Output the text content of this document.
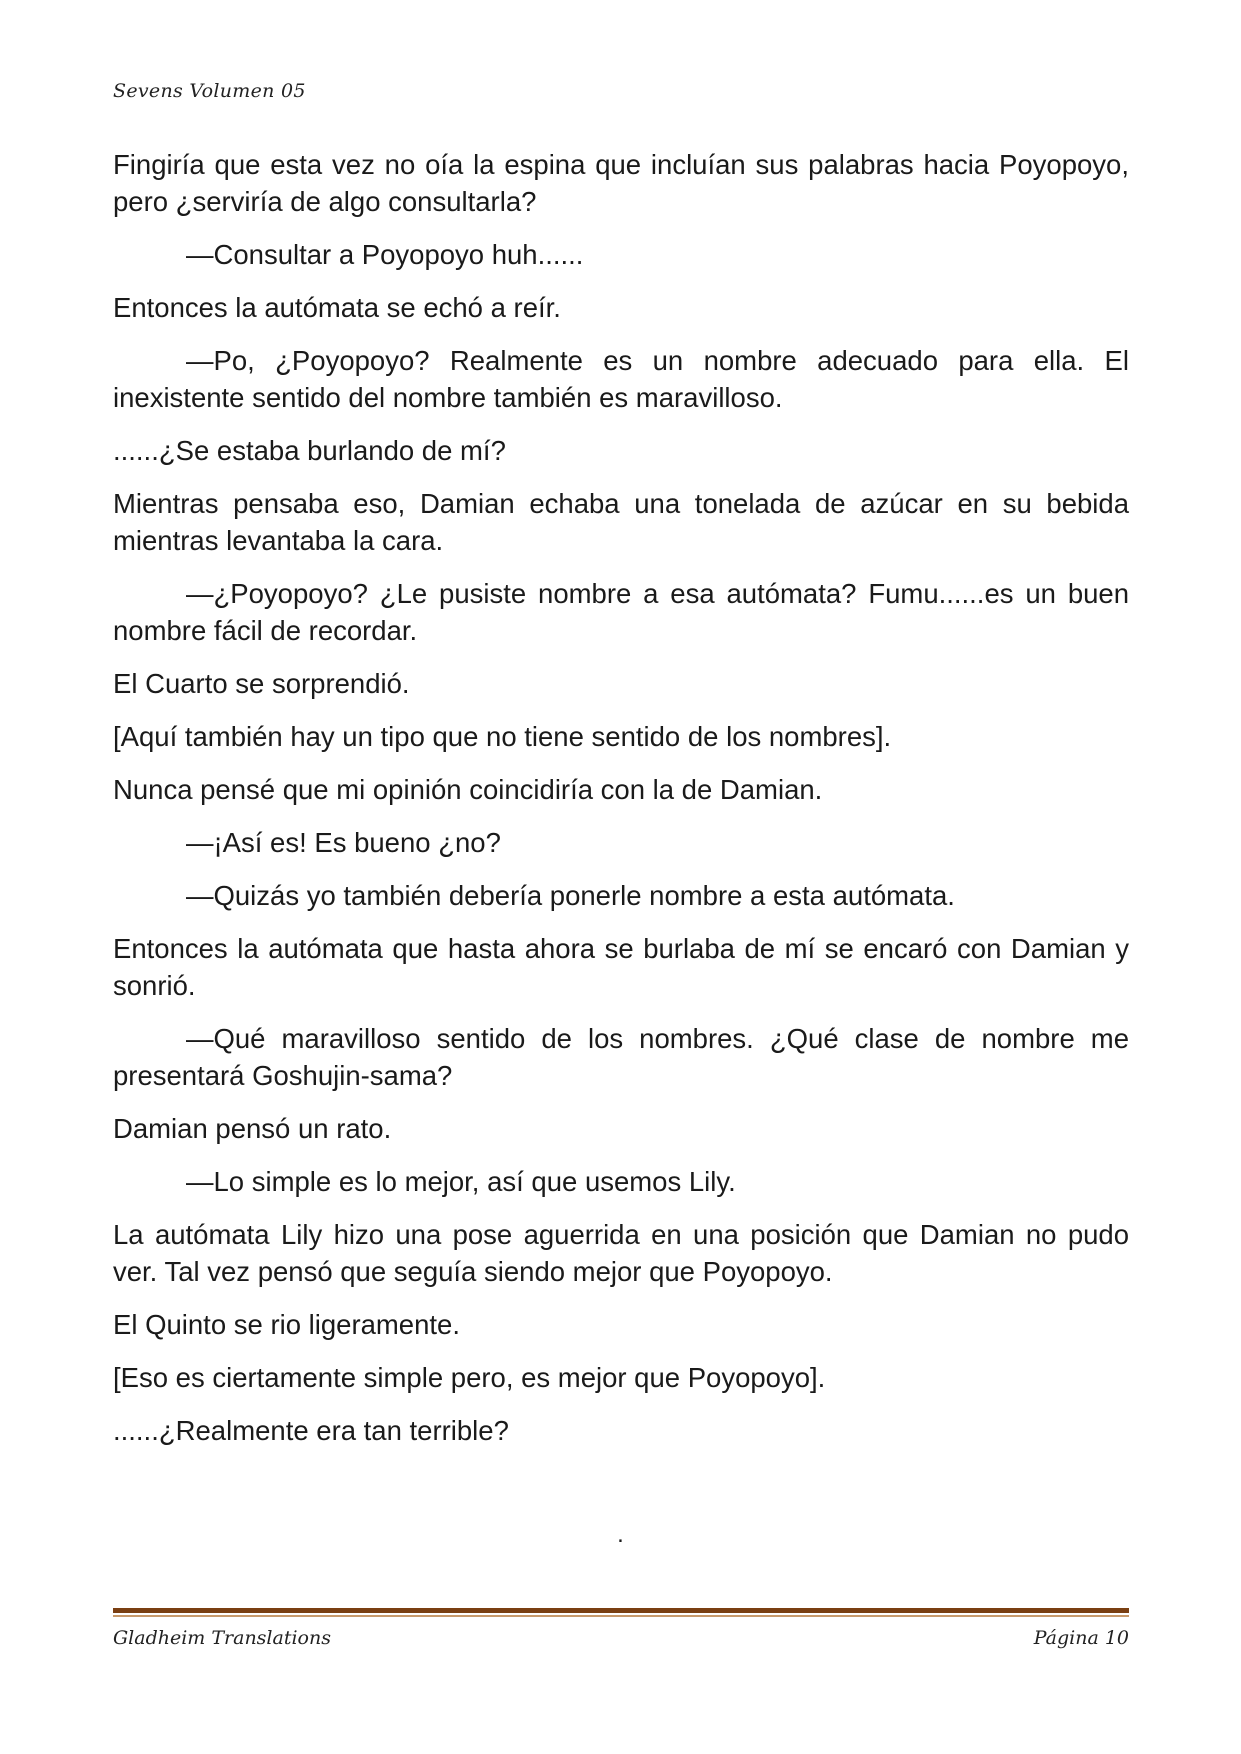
Sevens Volumen 05

Fingiría que esta vez no oía la espina que incluían sus palabras hacia Poyopoyo, pero ¿serviría de algo consultarla?

—Consultar a Poyopoyo huh......

Entonces la autómata se echó a reír.

—Po, ¿Poyopoyo? Realmente es un nombre adecuado para ella. El inexistente sentido del nombre también es maravilloso.

......¿Se estaba burlando de mí?

Mientras pensaba eso, Damian echaba una tonelada de azúcar en su bebida mientras levantaba la cara.

—¿Poyopoyo? ¿Le pusiste nombre a esa autómata? Fumu......es un buen nombre fácil de recordar.

El Cuarto se sorprendió.

[Aquí también hay un tipo que no tiene sentido de los nombres].

Nunca pensé que mi opinión coincidiría con la de Damian.

—¡Así es! Es bueno ¿no?

—Quizás yo también debería ponerle nombre a esta autómata.

Entonces la autómata que hasta ahora se burlaba de mí se encaró con Damian y sonrió.

—Qué maravilloso sentido de los nombres. ¿Qué clase de nombre me presentará Goshujin-sama?

Damian pensó un rato.

—Lo simple es lo mejor, así que usemos Lily.

La autómata Lily hizo una pose aguerrida en una posición que Damian no pudo ver. Tal vez pensó que seguía siendo mejor que Poyopoyo.

El Quinto se rio ligeramente.

[Eso es ciertamente simple pero, es mejor que Poyopoyo].

......¿Realmente era tan terrible?

.
Gladheim Translations	Página 10
